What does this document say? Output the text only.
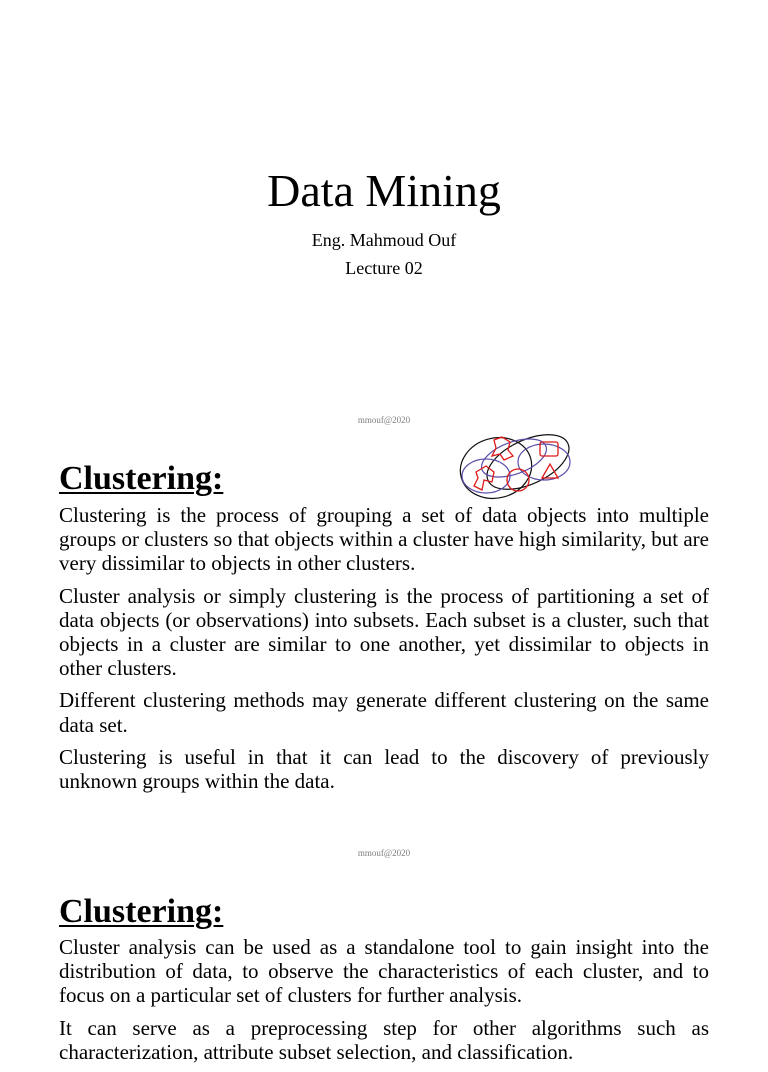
Data Mining
Eng. Mahmoud Ouf
Lecture 02
mmouf@2020
Clustering:

Clustering is the process of grouping a set of data objects into multiple groups or clusters so that objects within a cluster have high similarity, but are very dissimilar to objects in other clusters.

Cluster analysis or simply clustering is the process of partitioning a set of data objects (or observations) into subsets. Each subset is a cluster, such that objects in a cluster are similar to one another, yet dissimilar to objects in other clusters.

Different clustering methods may generate different clustering on the same data set.

Clustering is useful in that it can lead to the discovery of previously unknown groups within the data.

mmouf@2020
Clustering:

Cluster analysis can be used as a standalone tool to gain insight into the distribution of data, to observe the characteristics of each cluster, and to focus on a particular set of clusters for further analysis.

It can serve as a preprocessing step for other algorithms such as characterization, attribute subset selection, and classification.
